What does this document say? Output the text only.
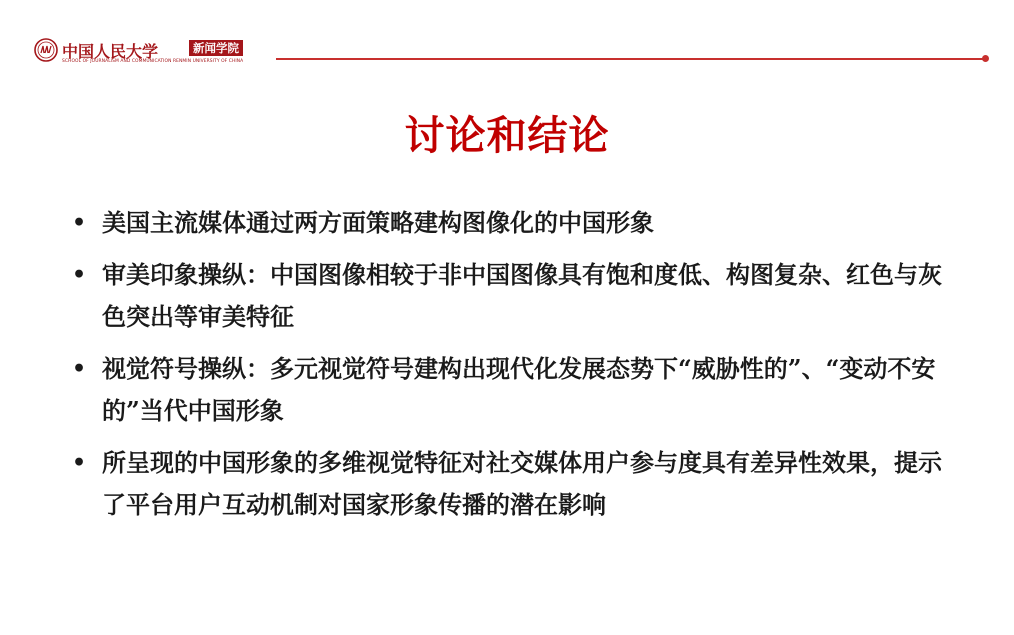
中国人民大学	新闻学院
SCHOOL OF JOURNALISM AND COMMUNICATION RENMIN UNIVERSITY OF CHINA
讨论和结论
• 美国主流媒体通过两方面策略建构图像化的中国形象
• 审美印象操纵：中国图像相较于非中国图像具有饱和度低、构图复杂、红色与灰色突出等审美特征
• 视觉符号操纵：多元视觉符号建构出现代化发展态势下“威胁性的”、“变动不安的”当代中国形象
• 所呈现的中国形象的多维视觉特征对社交媒体用户参与度具有差异性效果，提示了平台用户互动机制对国家形象传播的潜在影响
